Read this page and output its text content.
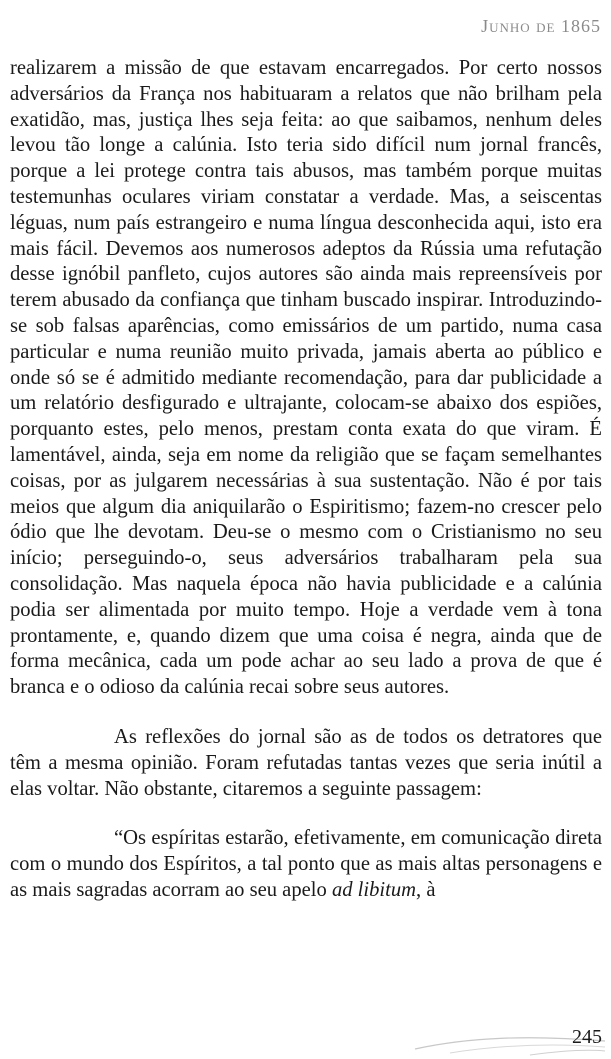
Junho de 1865

realizarem a missão de que estavam encarregados. Por certo nossos adversários da França nos habituaram a relatos que não brilham pela exatidão, mas, justiça lhes seja feita: ao que saibamos, nenhum deles levou tão longe a calúnia. Isto teria sido difícil num jornal francês, porque a lei protege contra tais abusos, mas também porque muitas testemunhas oculares viriam constatar a verdade. Mas, a seiscentas léguas, num país estrangeiro e numa língua desconhecida aqui, isto era mais fácil. Devemos aos numerosos adeptos da Rússia uma refutação desse ignóbil panfleto, cujos autores são ainda mais repreensíveis por terem abusado da confiança que tinham buscado inspirar. Introduzindo-se sob falsas aparências, como emissários de um partido, numa casa particular e numa reunião muito privada, jamais aberta ao público e onde só se é admitido mediante recomendação, para dar publicidade a um relatório desfigurado e ultrajante, colocam-se abaixo dos espiões, porquanto estes, pelo menos, prestam conta exata do que viram. É lamentável, ainda, seja em nome da religião que se façam semelhantes coisas, por as julgarem necessárias à sua sustentação. Não é por tais meios que algum dia aniquilarão o Espiritismo; fazem-no crescer pelo ódio que lhe devotam. Deu-se o mesmo com o Cristianismo no seu início; perseguindo-o, seus adversários trabalharam pela sua consolidação. Mas naquela época não havia publicidade e a calúnia podia ser alimentada por muito tempo. Hoje a verdade vem à tona prontamente, e, quando dizem que uma coisa é negra, ainda que de forma mecânica, cada um pode achar ao seu lado a prova de que é branca e o odioso da calúnia recai sobre seus autores.

As reflexões do jornal são as de todos os detratores que têm a mesma opinião. Foram refutadas tantas vezes que seria inútil a elas voltar. Não obstante, citaremos a seguinte passagem:

“Os espíritas estarão, efetivamente, em comunicação direta com o mundo dos Espíritos, a tal ponto que as mais altas personagens e as mais sagradas acorram ao seu apelo ad libitum, à

245
